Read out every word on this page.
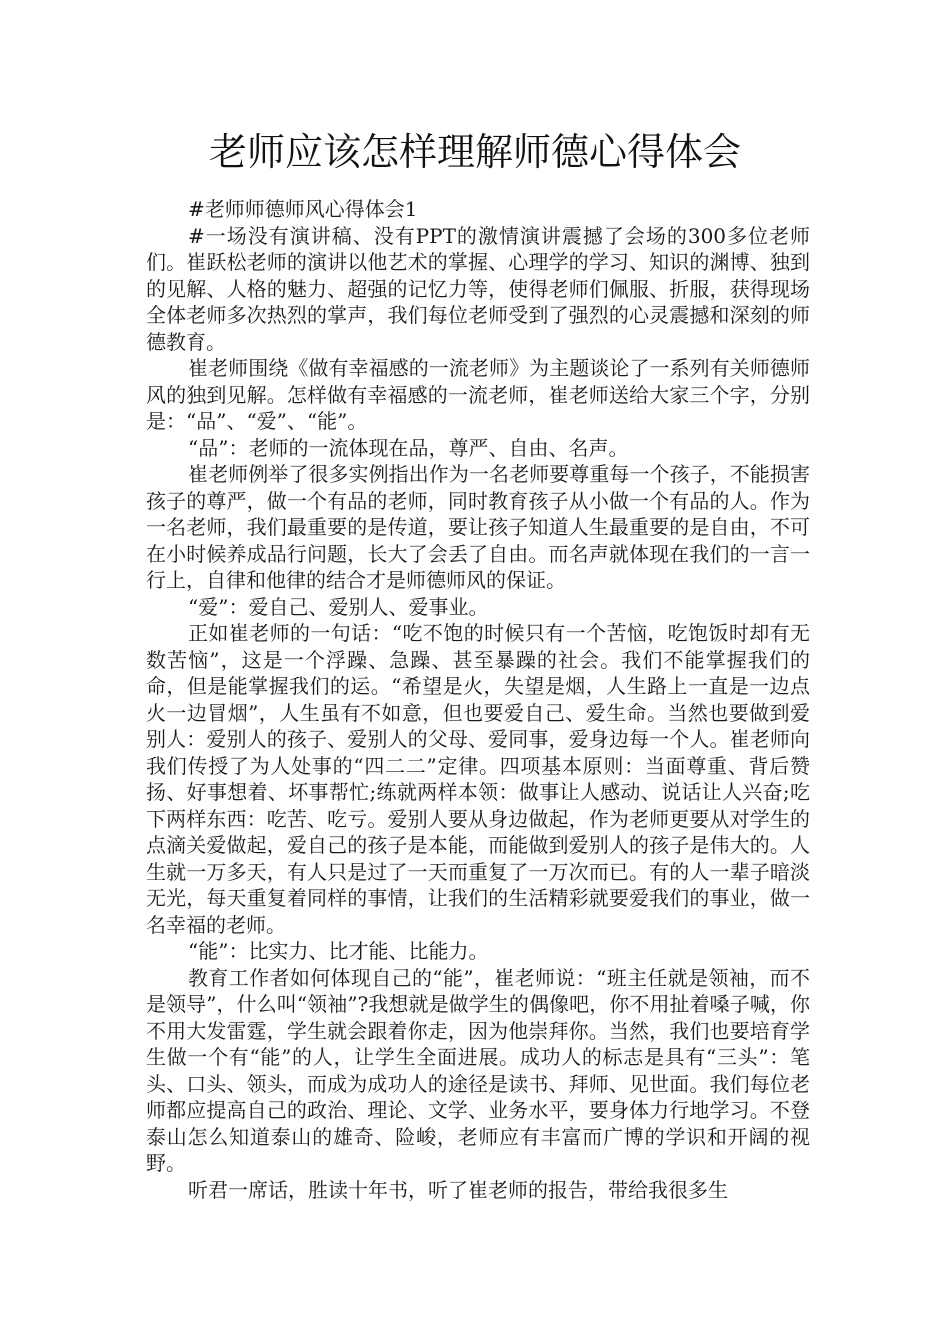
老师应该怎样理解师德心得体会

#老师师德师风心得体会1

#一场没有演讲稿、没有PPT的激情演讲震撼了会场的300多位老师们。崔跃松老师的演讲以他艺术的掌握、心理学的学习、知识的渊博、独到的见解、人格的魅力、超强的记忆力等，使得老师们佩服、折服，获得现场全体老师多次热烈的掌声，我们每位老师受到了强烈的心灵震撼和深刻的师德教育。

崔老师围绕《做有幸福感的一流老师》为主题谈论了一系列有关师德师风的独到见解。怎样做有幸福感的一流老师，崔老师送给大家三个字，分别是：“品”、“爱”、“能”。

“品”：老师的一流体现在品，尊严、自由、名声。

崔老师例举了很多实例指出作为一名老师要尊重每一个孩子，不能损害孩子的尊严，做一个有品的老师，同时教育孩子从小做一个有品的人。作为一名老师，我们最重要的是传道，要让孩子知道人生最重要的是自由，不可在小时候养成品行问题，长大了会丢了自由。而名声就体现在我们的一言一行上，自律和他律的结合才是师德师风的保证。

“爱”：爱自己、爱别人、爱事业。

正如崔老师的一句话：“吃不饱的时候只有一个苦恼，吃饱饭时却有无数苦恼”，这是一个浮躁、急躁、甚至暴躁的社会。我们不能掌握我们的命，但是能掌握我们的运。“希望是火，失望是烟，人生路上一直是一边点火一边冒烟”，人生虽有不如意，但也要爱自己、爱生命。当然也要做到爱别人：爱别人的孩子、爱别人的父母、爱同事，爱身边每一个人。崔老师向我们传授了为人处事的“四二二”定律。四项基本原则：当面尊重、背后赞扬、好事想着、坏事帮忙;练就两样本领：做事让人感动、说话让人兴奋;吃下两样东西：吃苦、吃亏。爱别人要从身边做起，作为老师更要从对学生的点滴关爱做起，爱自己的孩子是本能，而能做到爱别人的孩子是伟大的。人生就一万多天，有人只是过了一天而重复了一万次而已。有的人一辈子暗淡无光，每天重复着同样的事情，让我们的生活精彩就要爱我们的事业，做一名幸福的老师。

“能”：比实力、比才能、比能力。

教育工作者如何体现自己的“能”，崔老师说：“班主任就是领袖，而不是领导”，什么叫“领袖”?我想就是做学生的偶像吧，你不用扯着嗓子喊，你不用大发雷霆，学生就会跟着你走，因为他崇拜你。当然，我们也要培育学生做一个有“能”的人，让学生全面进展。成功人的标志是具有“三头”：笔头、口头、领头，而成为成功人的途径是读书、拜师、见世面。我们每位老师都应提高自己的政治、理论、文学、业务水平，要身体力行地学习。不登泰山怎么知道泰山的雄奇、险峻，老师应有丰富而广博的学识和开阔的视野。

听君一席话，胜读十年书，听了崔老师的报告，带给我很多生
